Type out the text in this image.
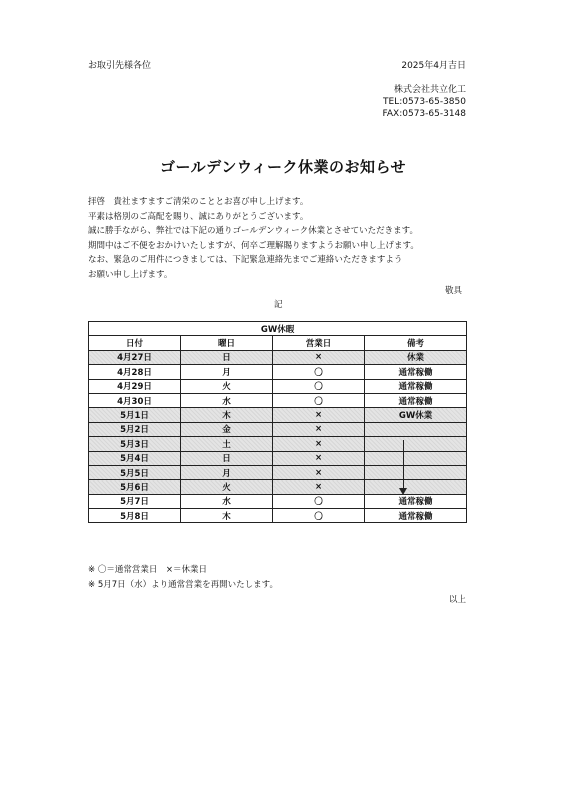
お取引先様各位	2025年4月吉日
株式会社共立化工
TEL:0573-65-3850
FAX:0573-65-3148
ゴールデンウィーク休業のお知らせ
拝啓　貴社ますますご清栄のこととお喜び申し上げます。
平素は格別のご高配を賜り、誠にありがとうございます。
誠に勝手ながら、弊社では下記の通りゴールデンウィーク休業とさせていただきます。
期間中はご不便をおかけいたしますが、何卒ご理解賜りますようお願い申し上げます。
なお、緊急のご用件につきましては、下記緊急連絡先までご連絡いただきますよう
お願い申し上げます。
敬具
記
GW休暇			
日付	曜日	営業日	備考
4月27日	日	×	休業
4月28日	月	〇	通常稼働
4月29日	火	〇	通常稼働
4月30日	水	〇	通常稼働
5月1日	木	×	GW休業
5月2日	金	×	
5月3日	土	×	
5月4日	日	×	
5月5日	月	×	
5月6日	火	×	
5月7日	水	〇	通常稼働
5月8日	木	〇	通常稼働
※ 〇＝通常営業日　×＝休業日
※ 5月7日（水）より通常営業を再開いたします。
以上
